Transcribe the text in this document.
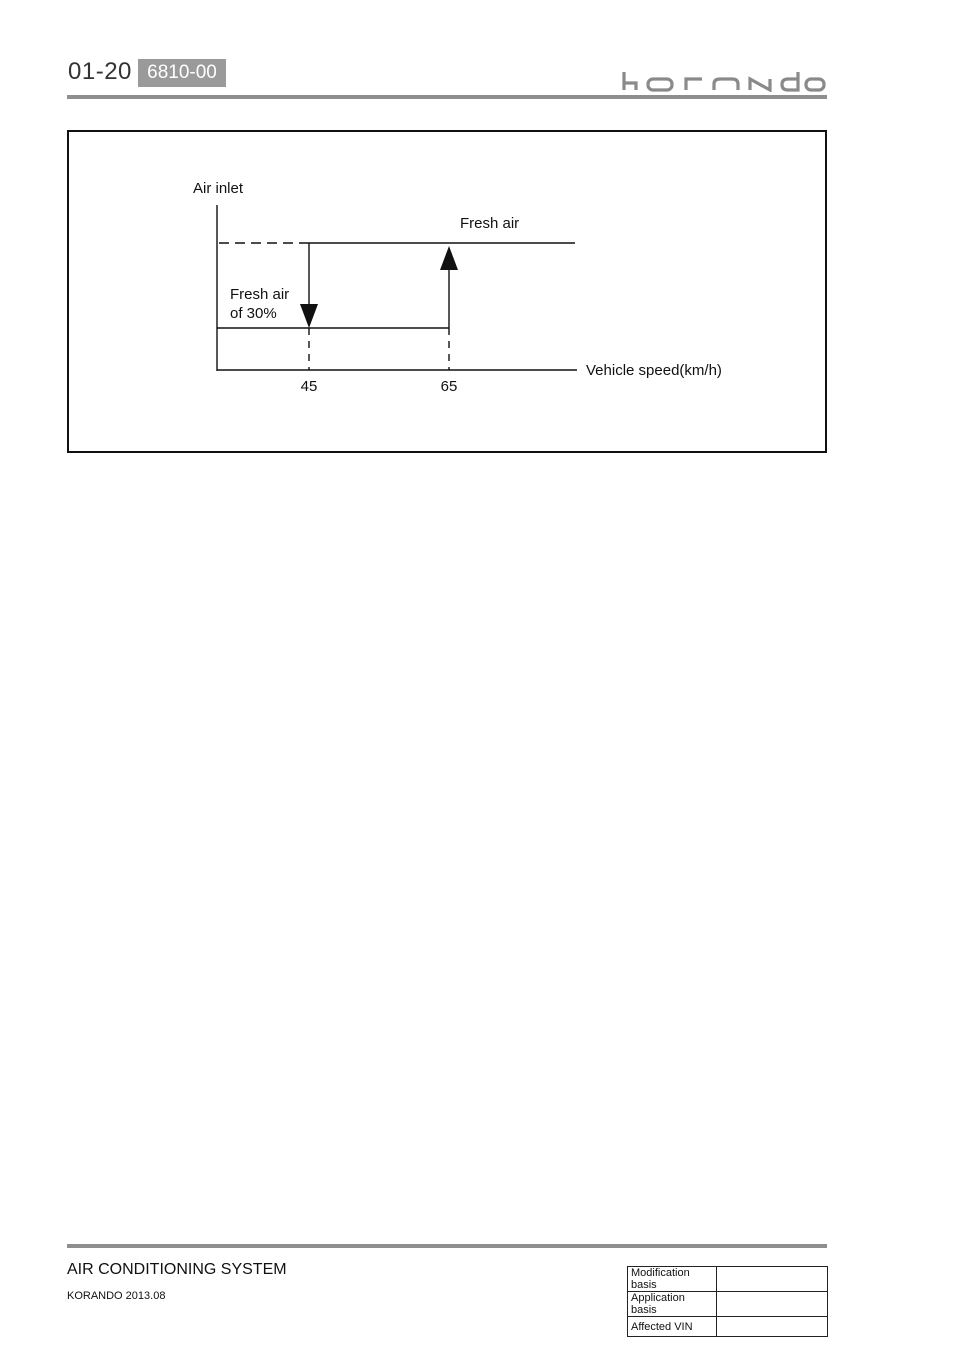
01-20 6810-00
Air inlet
Fresh air
Fresh air
of 30%
Vehicle speed(km/h)
45	65
AIR CONDITIONING SYSTEM
KORANDO 2013.08
Modification basis	
Application basis	
Affected VIN	
